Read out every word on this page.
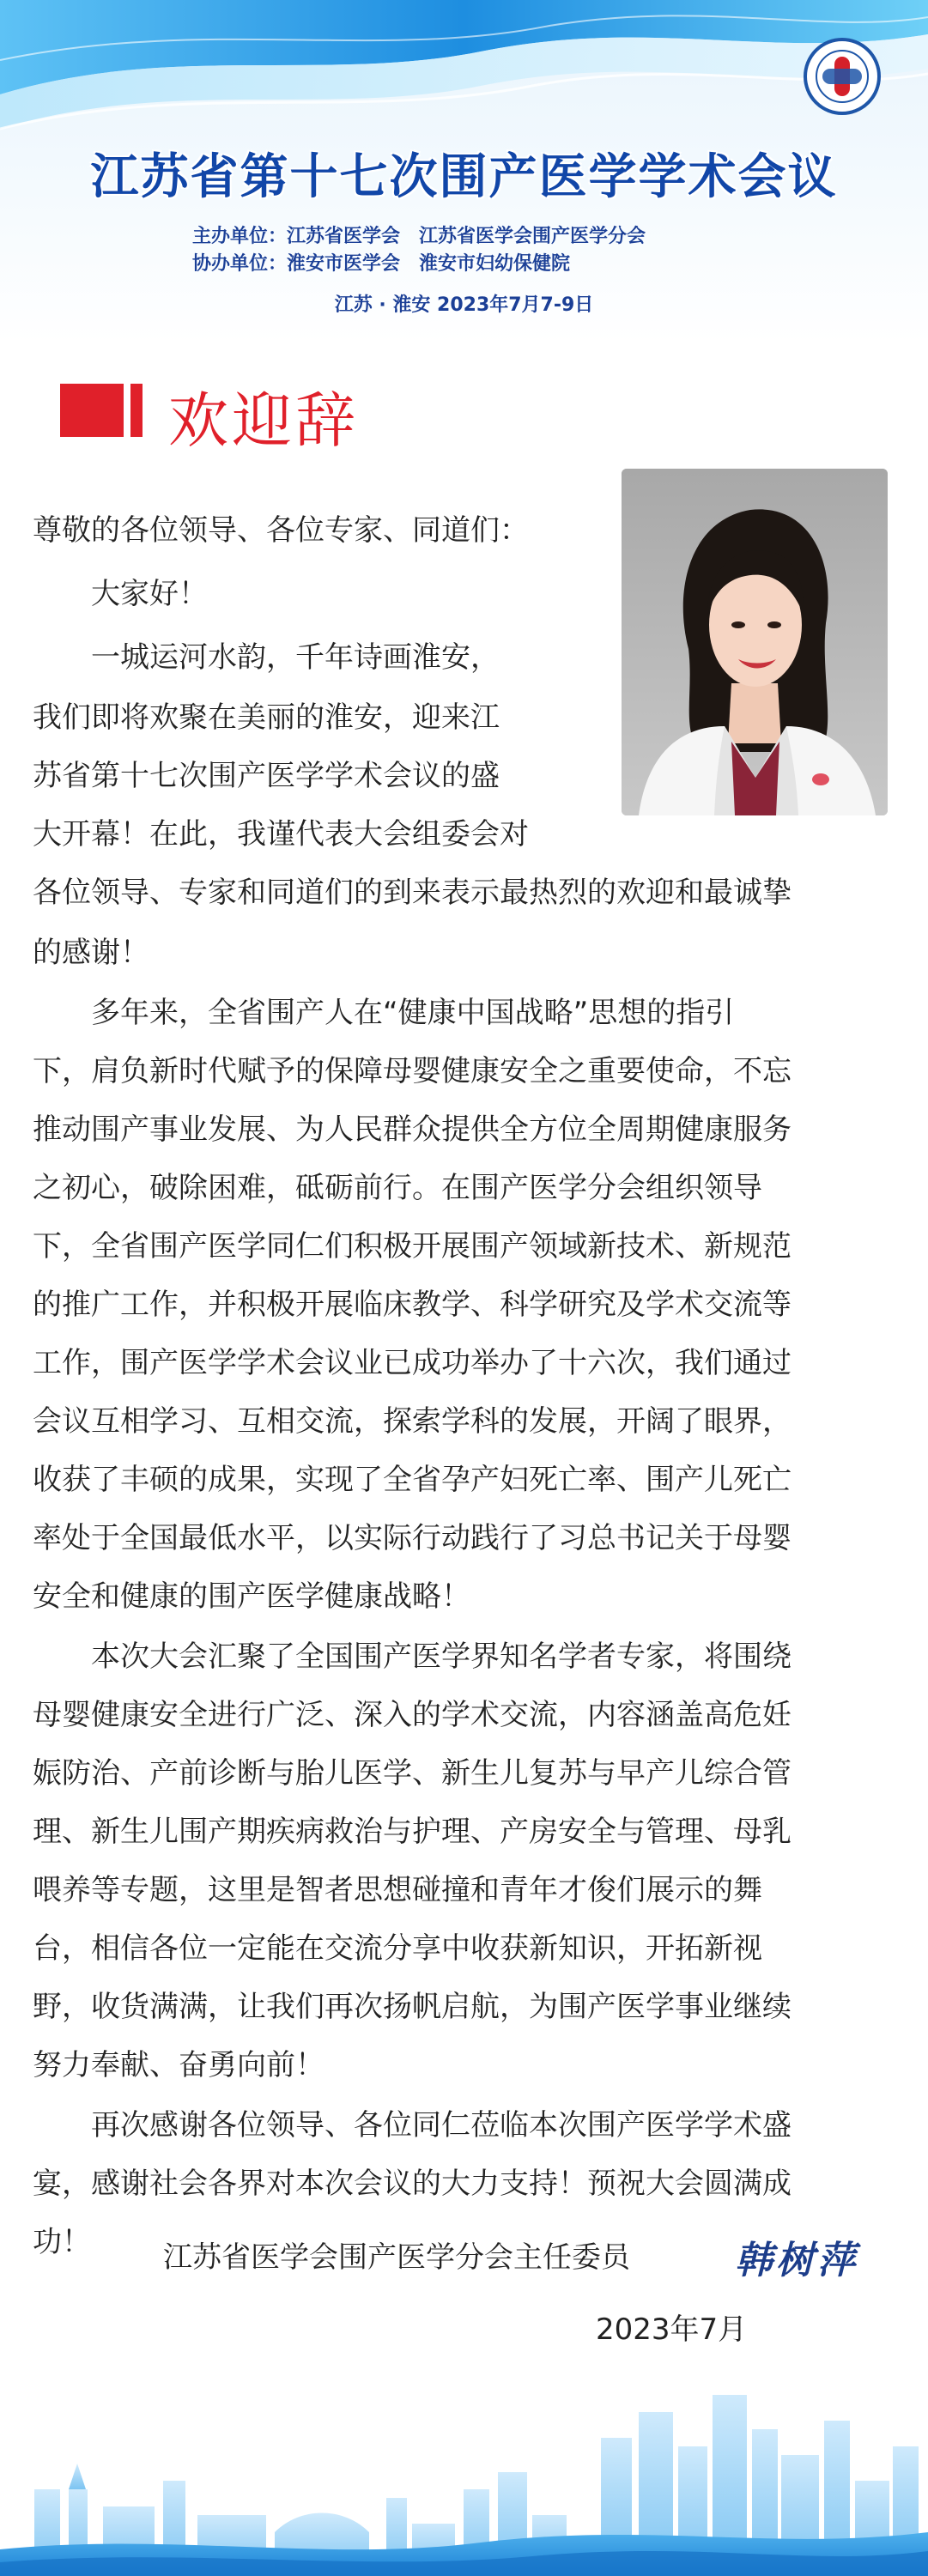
江苏省第十七次围产医学学术会议
主办单位：江苏省医学会 江苏省医学会围产医学分会
协办单位：淮安市医学会 淮安市妇幼保健院
江苏 · 淮安 2023年7月7-9日
欢迎辞
尊敬的各位领导、各位专家、同道们：
　　大家好！
　　一城运河水韵，千年诗画淮安，
我们即将欢聚在美丽的淮安，迎来江
苏省第十七次围产医学学术会议的盛
大开幕！在此，我谨代表大会组委会对
各位领导、专家和同道们的到来表示最热烈的欢迎和最诚挚
的感谢！
　　多年来，全省围产人在“健康中国战略”思想的指引
下，肩负新时代赋予的保障母婴健康安全之重要使命，不忘
推动围产事业发展、为人民群众提供全方位全周期健康服务
之初心，破除困难，砥砺前行。在围产医学分会组织领导
下，全省围产医学同仁们积极开展围产领域新技术、新规范
的推广工作，并积极开展临床教学、科学研究及学术交流等
工作，围产医学学术会议业已成功举办了十六次，我们通过
会议互相学习、互相交流，探索学科的发展，开阔了眼界，
收获了丰硕的成果，实现了全省孕产妇死亡率、围产儿死亡
率处于全国最低水平，以实际行动践行了习总书记关于母婴
安全和健康的围产医学健康战略！
　　本次大会汇聚了全国围产医学界知名学者专家，将围绕
母婴健康安全进行广泛、深入的学术交流，内容涵盖高危妊
娠防治、产前诊断与胎儿医学、新生儿复苏与早产儿综合管
理、新生儿围产期疾病救治与护理、产房安全与管理、母乳
喂养等专题，这里是智者思想碰撞和青年才俊们展示的舞
台，相信各位一定能在交流分享中收获新知识，开拓新视
野，收货满满，让我们再次扬帆启航，为围产医学事业继续
努力奉献、奋勇向前！
　　再次感谢各位领导、各位同仁莅临本次围产医学学术盛
宴，感谢社会各界对本次会议的大力支持！预祝大会圆满成
功！ 江苏省医学会围产医学分会主任委员	韩树萍
2023年7月
